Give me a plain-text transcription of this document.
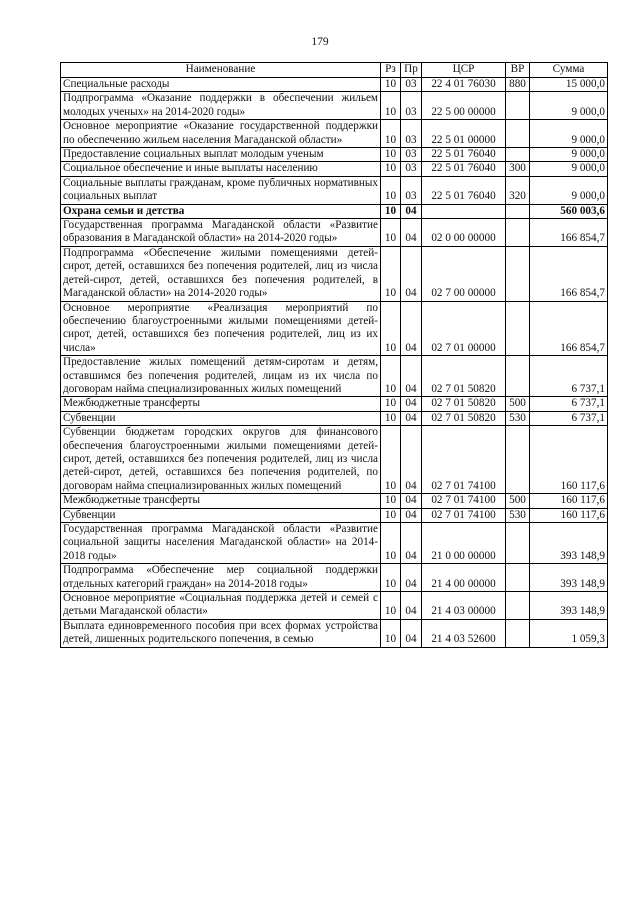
179
Наименование	Рз	Пр	ЦСР	ВР	Сумма
Специальные расходы	10	03	22 4 01 76030	880	15 000,0
Подпрограмма «Оказание поддержки в обеспечении жильем молодых ученых» на 2014-2020 годы»	10	03	22 5 00 00000		9 000,0
Основное мероприятие «Оказание государственной поддержки по обеспечению жильем населения Магаданской области»	10	03	22 5 01 00000		9 000,0
Предоставление социальных выплат молодым ученым	10	03	22 5 01 76040		9 000,0
Социальное обеспечение и иные выплаты населению	10	03	22 5 01 76040	300	9 000,0
Социальные выплаты гражданам, кроме публичных нормативных социальных выплат	10	03	22 5 01 76040	320	9 000,0
Охрана семьи и детства	10	04			560 003,6
Государственная программа Магаданской области «Развитие образования в Магаданской области» на 2014-2020 годы»	10	04	02 0 00 00000		166 854,7
Подпрограмма «Обеспечение жилыми помещениями детей-сирот, детей, оставшихся без попечения родителей, лиц из числа детей-сирот, детей, оставшихся без попечения родителей, в Магаданской области» на 2014-2020 годы»	10	04	02 7 00 00000		166 854,7
Основное мероприятие «Реализация мероприятий по обеспечению благоустроенными жилыми помещениями детей-сирот, детей, оставшихся без попечения родителей, лиц из их числа»	10	04	02 7 01 00000		166 854,7
Предоставление жилых помещений детям-сиротам и детям, оставшимся без попечения родителей, лицам из их числа по договорам найма специализированных жилых помещений	10	04	02 7 01 50820		6 737,1
Межбюджетные трансферты	10	04	02 7 01 50820	500	6 737,1
Субвенции	10	04	02 7 01 50820	530	6 737,1
Субвенции бюджетам городских округов для финансового обеспечения благоустроенными жилыми помещениями детей-сирот, детей, оставшихся без попечения родителей, лиц из числа детей-сирот, детей, оставшихся без попечения родителей, по договорам найма специализированных жилых помещений	10	04	02 7 01 74100		160 117,6
Межбюджетные трансферты	10	04	02 7 01 74100	500	160 117,6
Субвенции	10	04	02 7 01 74100	530	160 117,6
Государственная программа Магаданской области «Развитие социальной защиты населения Магаданской области» на 2014-2018 годы»	10	04	21 0 00 00000		393 148,9
Подпрограмма «Обеспечение мер социальной поддержки отдельных категорий граждан» на 2014-2018 годы»	10	04	21 4 00 00000		393 148,9
Основное мероприятие «Социальная поддержка детей и семей с детьми Магаданской области»	10	04	21 4 03 00000		393 148,9
Выплата единовременного пособия при всех формах устройства детей, лишенных родительского попечения, в семью	10	04	21 4 03 52600		1 059,3
